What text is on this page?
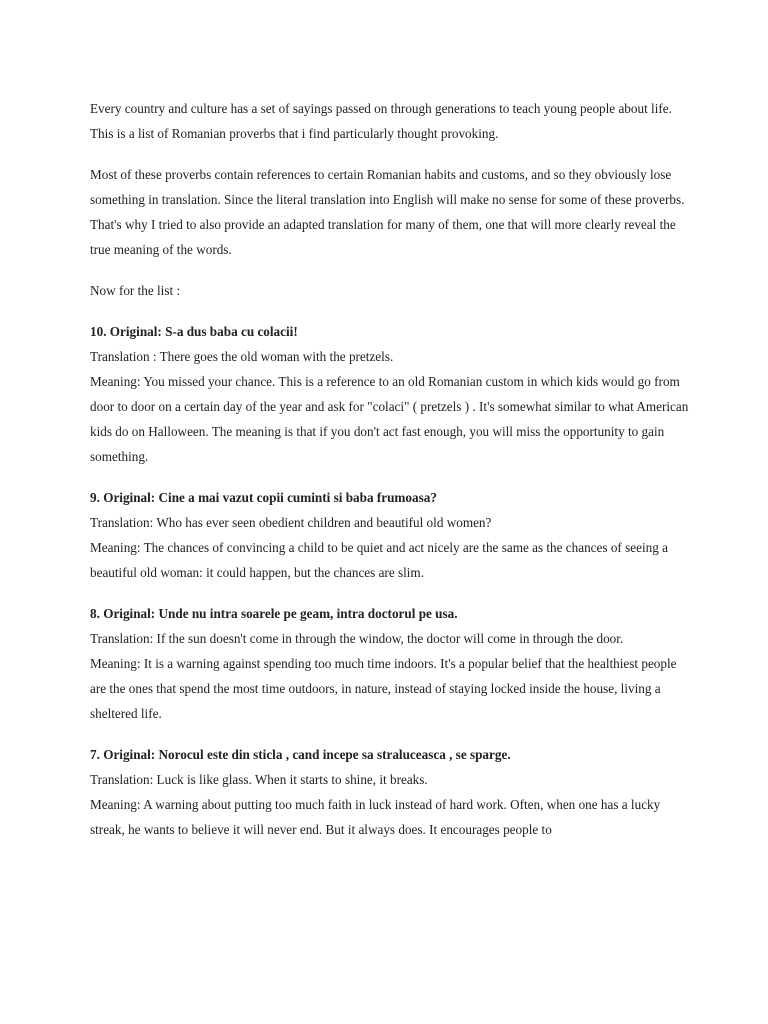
Every country and culture has a set of sayings passed on through generations to teach young people about life. This is a list of Romanian proverbs that i find particularly thought provoking.

Most of these proverbs contain references to certain Romanian habits and customs, and so they obviously lose something in translation. Since the literal translation into English will make no sense for some of these proverbs. That's why I tried to also provide an adapted translation for many of them, one that will more clearly reveal the true meaning of the words.

Now for the list :

10. Original: S-a dus baba cu colacii!

Translation : There goes the old woman with the pretzels.

Meaning: You missed your chance. This is a reference to an old Romanian custom in which kids would go from door to door on a certain day of the year and ask for "colaci" ( pretzels ) . It's somewhat similar to what American kids do on Halloween. The meaning is that if you don't act fast enough, you will miss the opportunity to gain something.

9. Original: Cine a mai vazut copii cuminti si baba frumoasa?

Translation: Who has ever seen obedient children and beautiful old women?

Meaning: The chances of convincing a child to be quiet and act nicely are the same as the chances of seeing a beautiful old woman: it could happen, but the chances are slim.

8. Original: Unde nu intra soarele pe geam, intra doctorul pe usa.

Translation: If the sun doesn't come in through the window, the doctor will come in through the door.

Meaning: It is a warning against spending too much time indoors. It's a popular belief that the healthiest people are the ones that spend the most time outdoors, in nature, instead of staying locked inside the house, living a sheltered life.

7. Original: Norocul este din sticla , cand incepe sa straluceasca , se sparge.

Translation: Luck is like glass. When it starts to shine, it breaks.

Meaning: A warning about putting too much faith in luck instead of hard work. Often, when one has a lucky streak, he wants to believe it will never end. But it always does. It encourages people to
